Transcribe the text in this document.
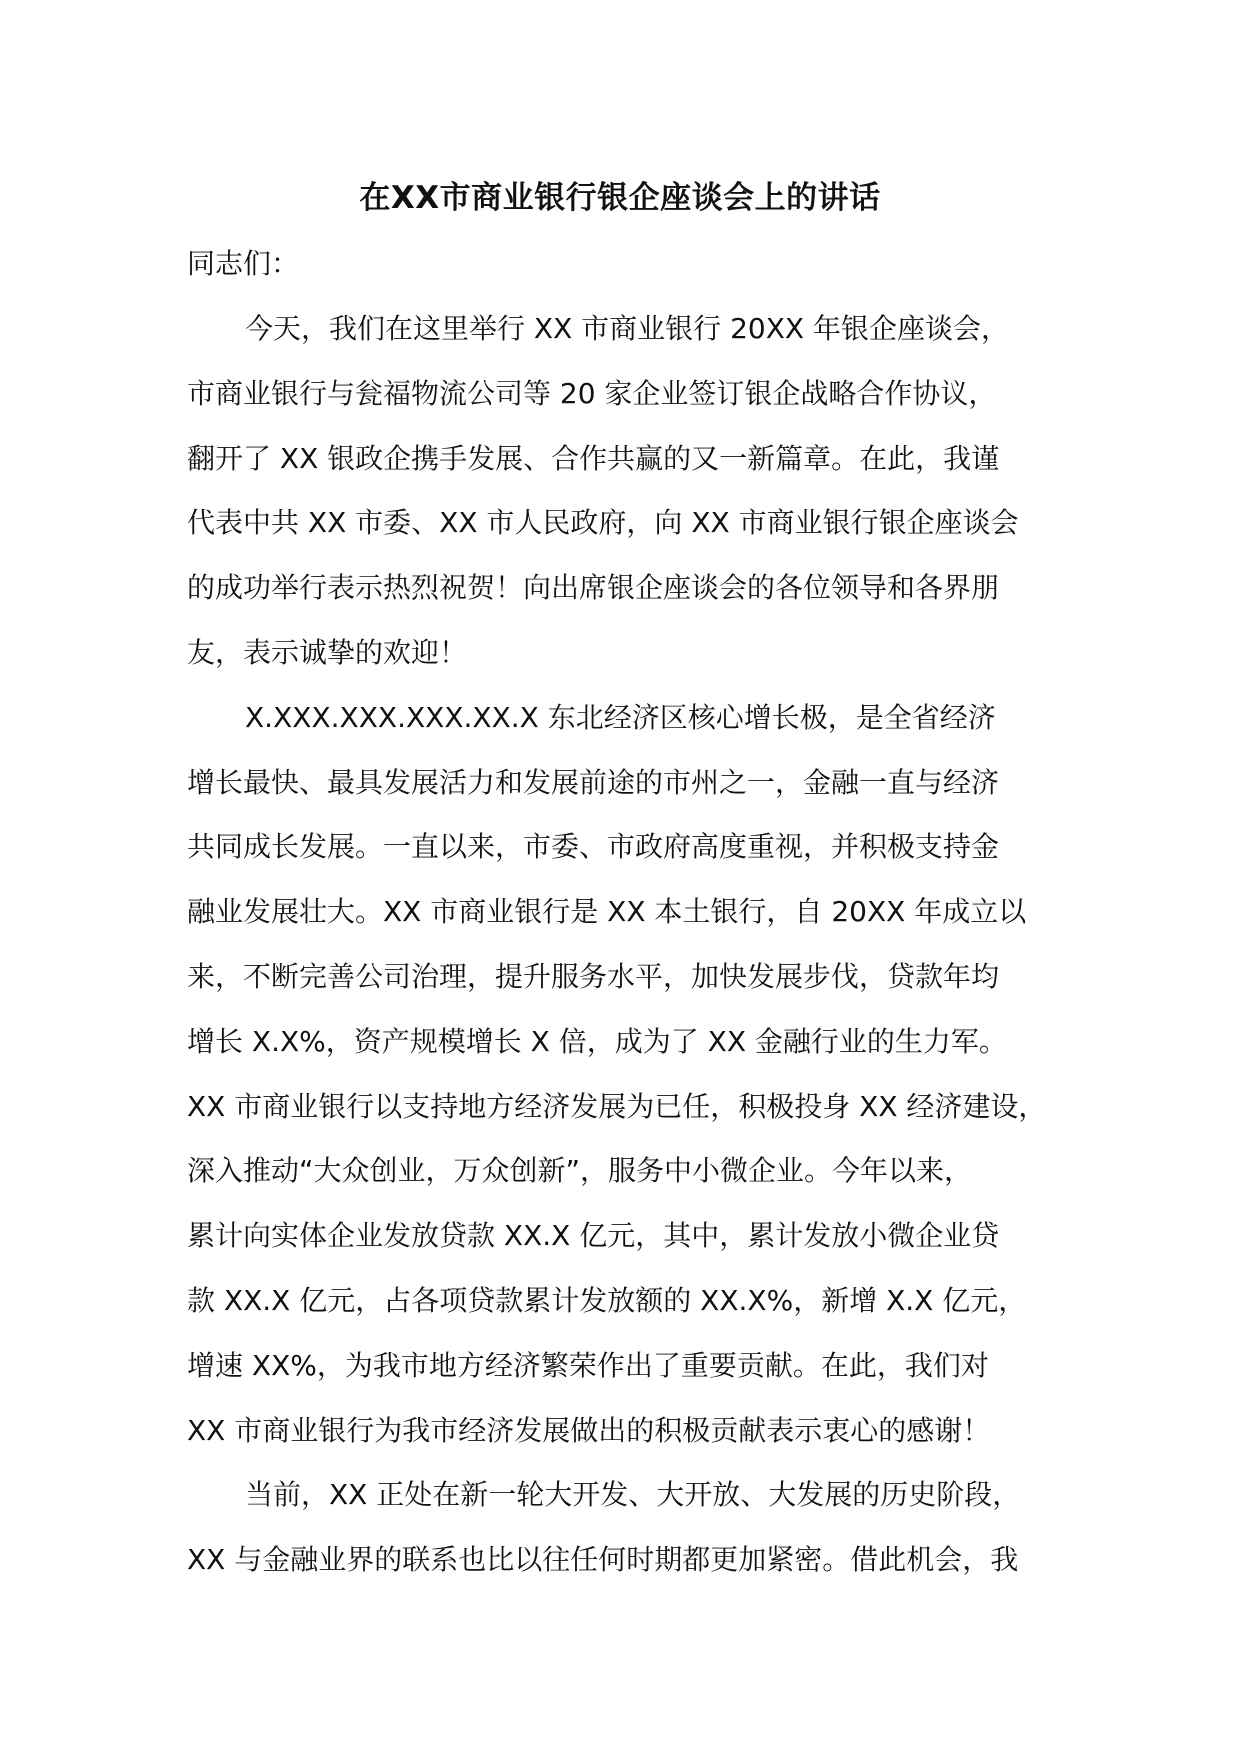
在XX市商业银行银企座谈会上的讲话
同志们：
今天，我们在这里举行 XX 市商业银行 20XX 年银企座谈会，
市商业银行与瓮福物流公司等 20 家企业签订银企战略合作协议，
翻开了 XX 银政企携手发展、合作共赢的又一新篇章。在此，我谨
代表中共 XX 市委、XX 市人民政府，向 XX 市商业银行银企座谈会
的成功举行表示热烈祝贺！向出席银企座谈会的各位领导和各界朋
友，表示诚挚的欢迎！
X.XXX.XXX.XXX.XX.X 东北经济区核心增长极，是全省经济
增长最快、最具发展活力和发展前途的市州之一，金融一直与经济
共同成长发展。一直以来，市委、市政府高度重视，并积极支持金
融业发展壮大。XX 市商业银行是 XX 本土银行，自 20XX 年成立以
来，不断完善公司治理，提升服务水平，加快发展步伐，贷款年均
增长 X.X%，资产规模增长 X 倍，成为了 XX 金融行业的生力军。
XX 市商业银行以支持地方经济发展为已任，积极投身 XX 经济建设，
深入推动“大众创业，万众创新”，服务中小微企业。今年以来，
累计向实体企业发放贷款 XX.X 亿元，其中，累计发放小微企业贷
款 XX.X 亿元，占各项贷款累计发放额的 XX.X%，新增 X.X 亿元，
增速 XX%，为我市地方经济繁荣作出了重要贡献。在此，我们对
XX 市商业银行为我市经济发展做出的积极贡献表示衷心的感谢！
当前，XX 正处在新一轮大开发、大开放、大发展的历史阶段，
XX 与金融业界的联系也比以往任何时期都更加紧密。借此机会，我
